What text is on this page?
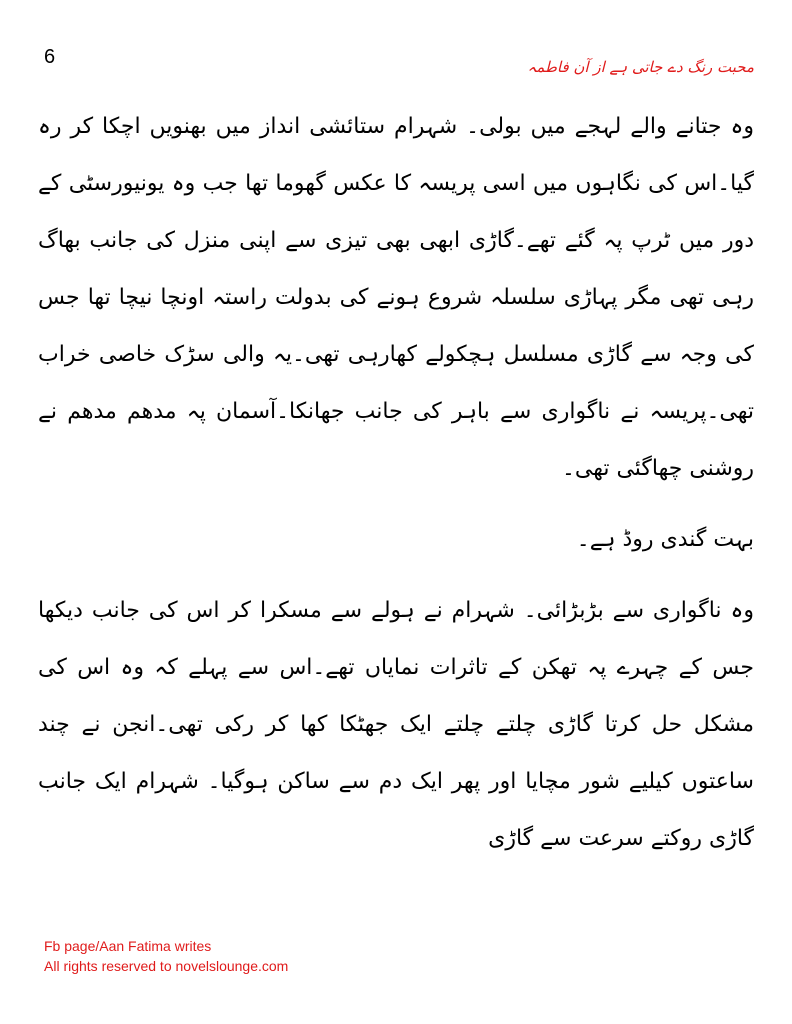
6	محبت رنگ دے جاتی ہے از آن فاطمہ

وہ جتانے والے لہجے میں بولی۔ شہرام ستائشی انداز میں بھنویں اچکا کر رہ گیا۔اس کی نگاہوں میں اسی پریسہ کا عکس گھوما تھا جب وہ یونیورسٹی کے دور میں ٹرپ پہ گئے تھے۔گاڑی ابھی بھی تیزی سے اپنی منزل کی جانب بھاگ رہی تھی مگر پہاڑی سلسلہ شروع ہونے کی بدولت راستہ اونچا نیچا تھا جس کی وجہ سے گاڑی مسلسل ہچکولے کھارہی تھی۔یہ والی سڑک خاصی خراب تھی۔پریسہ نے ناگواری سے باہر کی جانب جھانکا۔آسمان پہ مدھم مدھم نے روشنی چھاگئی تھی۔

بہت گندی روڈ ہے۔

وہ ناگواری سے بڑبڑائی۔ شہرام نے ہولے سے مسکرا کر اس کی جانب دیکھا جس کے چہرے پہ تھکن کے تاثرات نمایاں تھے۔اس سے پہلے کہ وہ اس کی مشکل حل کرتا گاڑی چلتے چلتے ایک جھٹکا کھا کر رکی تھی۔انجن نے چند ساعتوں کیلیے شور مچایا اور پھر ایک دم سے ساکن ہوگیا۔ شہرام ایک جانب گاڑی روکتے سرعت سے گاڑی

Fb page/Aan Fatima writes
All rights reserved to novelslounge.com
